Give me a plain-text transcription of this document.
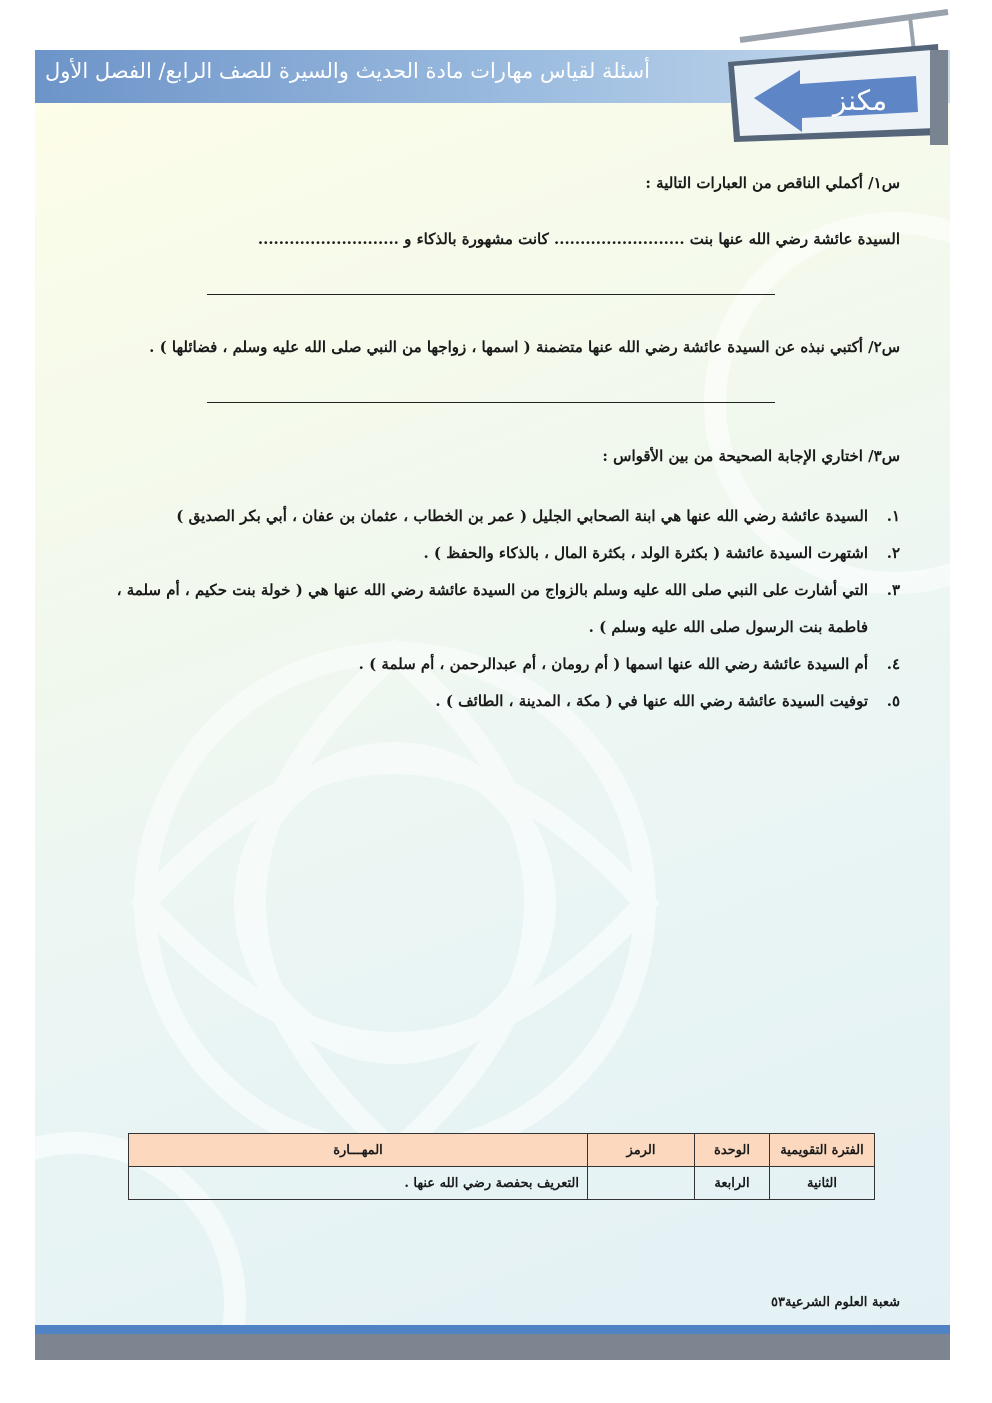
أسئلة لقياس مهارات مادة الحديث والسيرة للصف الرابع/ الفصل الأول
مكنز
س١/ أكملي الناقص من العبارات التالية :
السيدة عائشة رضي الله عنها بنت ......................... كانت مشهورة بالذكاء و ...........................
س٢/ أكتبي نبذه عن السيدة عائشة رضي الله عنها متضمنة ( اسمها ، زواجها من النبي صلى الله عليه وسلم ، فضائلها ) .
س٣/ اختاري الإجابة الصحيحة من بين الأقواس :
١.
السيدة عائشة رضي الله عنها هي ابنة الصحابي الجليل ( عمر بن الخطاب ، عثمان بن عفان ، أبي بكر الصديق )
٢.
اشتهرت السيدة عائشة ( بكثرة الولد ، بكثرة المال ، بالذكاء والحفظ ) .
٣.
التي أشارت على النبي صلى الله عليه وسلم بالزواج من السيدة عائشة رضي الله عنها هي ( خولة بنت حكيم ، أم سلمة ، فاطمة بنت الرسول صلى الله عليه وسلم ) .
٤.
أم السيدة عائشة رضي الله عنها اسمها ( أم رومان ، أم عبدالرحمن ، أم سلمة ) .
٥.
توفيت السيدة عائشة رضي الله عنها في ( مكة ، المدينة ، الطائف ) .
الفترة التقويمية	الوحدة	الرمز	المهـــارة
الثانية	الرابعة		التعريف بحفصة رضي الله عنها .
شعبة العلوم الشرعية٥٣
